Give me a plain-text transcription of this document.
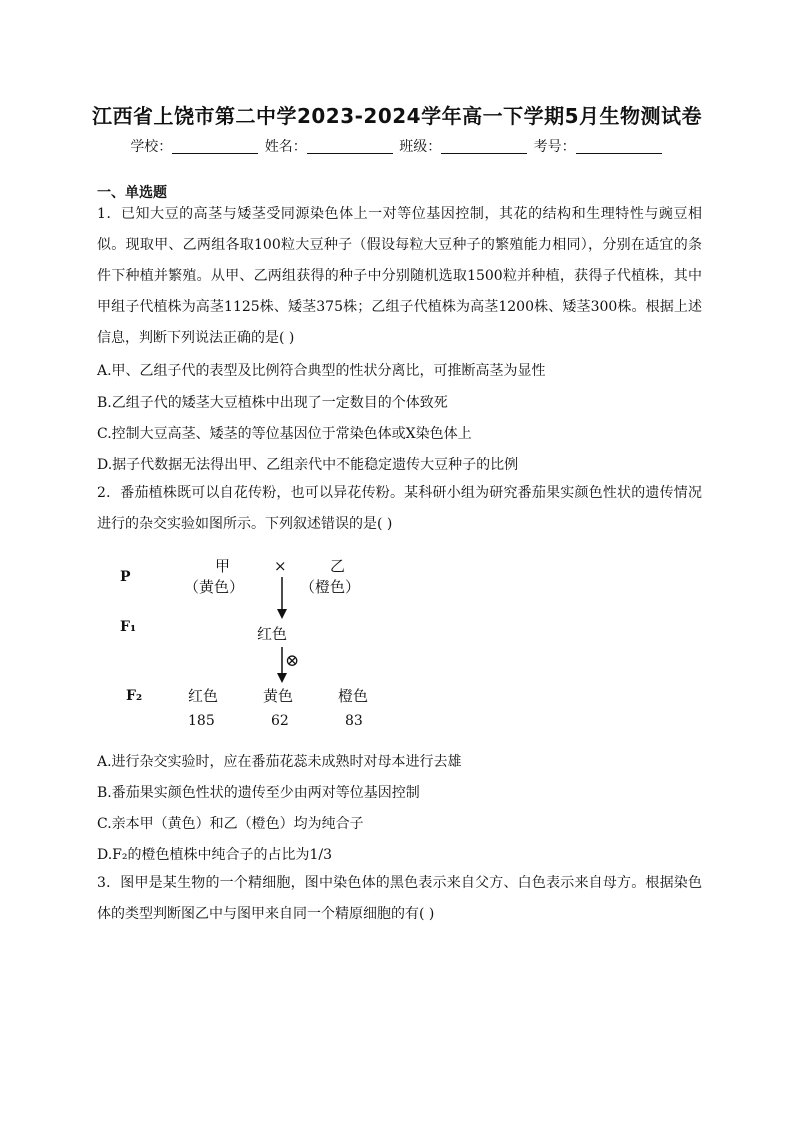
江西省上饶市第二中学2023-2024学年高一下学期5月生物测试卷
学校：	姓名：	班级：	考号：
一、单选题
1．已知大豆的高茎与矮茎受同源染色体上一对等位基因控制，其花的结构和生理特性与豌豆相似。现取甲、乙两组各取100粒大豆种子（假设每粒大豆种子的繁殖能力相同），分别在适宜的条件下种植并繁殖。从甲、乙两组获得的种子中分别随机选取1500粒并种植，获得子代植株，其中甲组子代植株为高茎1125株、矮茎375株；乙组子代植株为高茎1200株、矮茎300株。根据上述信息，判断下列说法正确的是( )
A.甲、乙组子代的表型及比例符合典型的性状分离比，可推断高茎为显性
B.乙组子代的矮茎大豆植株中出现了一定数目的个体致死
C.控制大豆高茎、矮茎的等位基因位于常染色体或X染色体上
D.据子代数据无法得出甲、乙组亲代中不能稳定遗传大豆种子的比例
2．番茄植株既可以自花传粉，也可以异花传粉。某科研小组为研究番茄果实颜色性状的遗传情况进行的杂交实验如图所示。下列叙述错误的是( )
P
F₁
F₂
甲
（黄色）
×	乙
（橙色）
红色
⊗
红色	黄色	橙色
185	62	83
A.进行杂交实验时，应在番茄花蕊未成熟时对母本进行去雄
B.番茄果实颜色性状的遗传至少由两对等位基因控制
C.亲本甲（黄色）和乙（橙色）均为纯合子
D.F₂的橙色植株中纯合子的占比为1/3
3．图甲是某生物的一个精细胞，图中染色体的黑色表示来自父方、白色表示来自母方。根据染色体的类型判断图乙中与图甲来自同一个精原细胞的有( )
